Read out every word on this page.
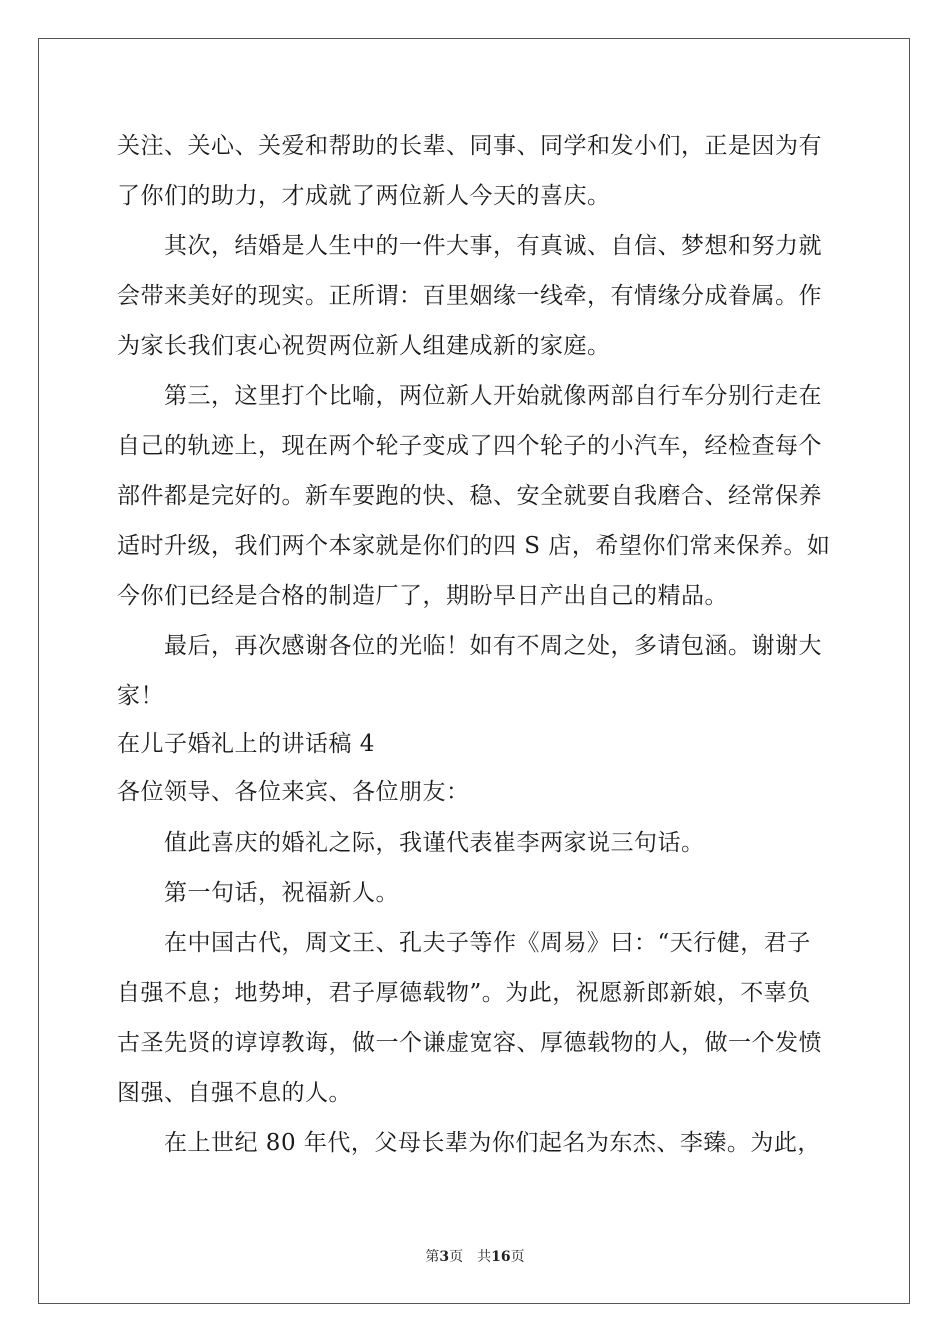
关注、关心、关爱和帮助的长辈、同事、同学和发小们，正是因为有
了你们的助力，才成就了两位新人今天的喜庆。
其次，结婚是人生中的一件大事，有真诚、自信、梦想和努力就
会带来美好的现实。正所谓：百里姻缘一线牵，有情缘分成眷属。作
为家长我们衷心祝贺两位新人组建成新的家庭。
第三，这里打个比喻，两位新人开始就像两部自行车分别行走在
自己的轨迹上，现在两个轮子变成了四个轮子的小汽车，经检查每个
部件都是完好的。新车要跑的快、稳、安全就要自我磨合、经常保养
适时升级，我们两个本家就是你们的四 S 店，希望你们常来保养。如
今你们已经是合格的制造厂了，期盼早日产出自己的精品。
最后，再次感谢各位的光临！如有不周之处，多请包涵。谢谢大
家！
在儿子婚礼上的讲话稿 4
各位领导、各位来宾、各位朋友：
值此喜庆的婚礼之际，我谨代表崔李两家说三句话。
第一句话，祝福新人。
在中国古代，周文王、孔夫子等作《周易》曰：“天行健，君子
自强不息；地势坤，君子厚德载物”。为此，祝愿新郎新娘，不辜负
古圣先贤的谆谆教诲，做一个谦虚宽容、厚德载物的人，做一个发愤
图强、自强不息的人。
在上世纪 80 年代，父母长辈为你们起名为东杰、李臻。为此，
第3页　共16页
